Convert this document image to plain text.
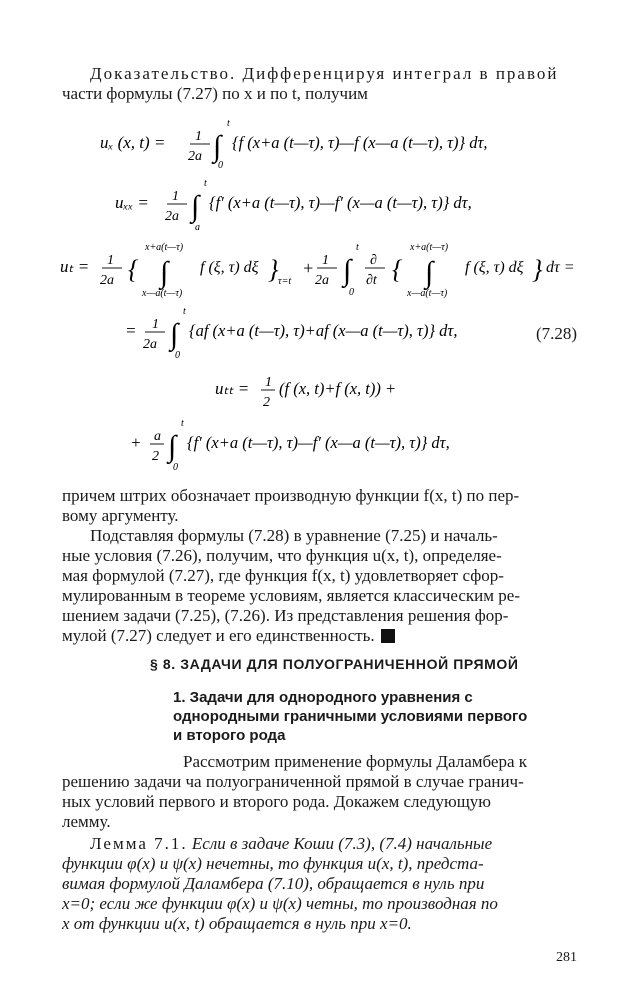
Доказательство. Дифференцируя интеграл в правой
части формулы (7.27) по x и по t, получим
uₓ (x, t) = 1
2a ∫
t
0
{f (x+a (t—τ), τ)—f (x—a (t—τ), τ)} dτ,
uₓₓ = 1
2a ∫
t
a
{f′ (x+a (t—τ), τ)—f′ (x—a (t—τ), τ)} dτ,
uₜ = 1
2a {
x+a(t—τ)
∫
x—a(t—τ)
f (ξ, τ) dξ } τ=t
+ 1
2a ∫
t
0
∂
∂t {
x+a(t—τ)
∫
x—a(t—τ)
f (ξ, τ) dξ } dτ =
= 1
2a ∫
t
0
{af (x+a (t—τ), τ)+af (x—a (t—τ), τ)} dτ,	(7.28)
uₜₜ = 1
2
(f (x, t)+f (x, t)) +
+ a
2 ∫
t
0
{f′ (x+a (t—τ), τ)—f′ (x—a (t—τ), τ)} dτ,
причем штрих обозначает производную функции f(x, t) по пер-
вому аргументу.
Подставляя формулы (7.28) в уравнение (7.25) и началь-
ные условия (7.26), получим, что функция u(x, t), определяе-
мая формулой (7.27), где функция f(x, t) удовлетворяет сфор-
мулированным в теореме условиям, является классическим ре-
шением задачи (7.25), (7.26). Из представления решения фор-
мулой (7.27) следует и его единственность.
§ 8. ЗАДАЧИ ДЛЯ ПОЛУОГРАНИЧЕННОЙ ПРЯМОЙ
1. Задачи для однородного уравнения с
однородными граничными условиями первого
и второго рода
Рассмотрим применение формулы Даламбера к
решению задачи ча полуограниченной прямой в случае гранич-
ных условий первого и второго рода. Докажем следующую
лемму.
Лемма 7.1. Если в задаче Коши (7.3), (7.4) начальные
функции φ(x) и ψ(x) нечетны, то функция u(x, t), предста-
вимая формулой Даламбера (7.10), обращается в нуль при
x=0; если же функции φ(x) и ψ(x) четны, то производная по
x от функции u(x, t) обращается в нуль при x=0.
281
